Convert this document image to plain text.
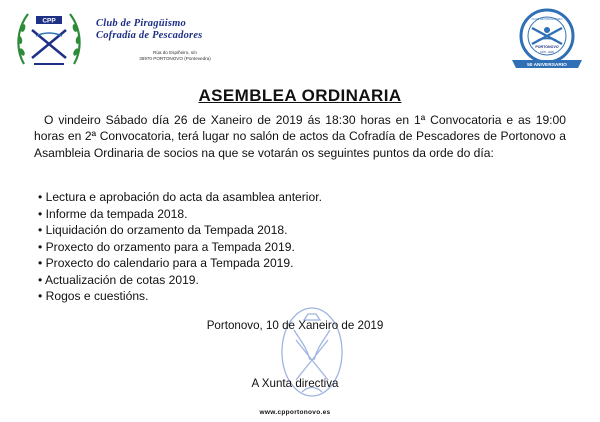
CPP	Club de Piragüismo
Cofradía de Pescadores
Rúa do Espiñeiro, s/n
36970 PORTONOVO (Pontevedra)
CLUB DE PIRAGÜISMO
PORTONOVO
1970 - 2020
50 ANIVERSARIO
ASEMBLEA ORDINARIA

O vindeiro Sábado día 26 de Xaneiro de 2019 ás 18:30 horas en 1ª Convocatoria e as 19:00 horas en 2ª Convocatoria, terá lugar no salón de actos da Cofradía de Pescadores de Portonovo a Asambleia Ordinaria de socios na que se votarán os seguintes puntos da orde do día:

• Lectura e aprobación do acta da asamblea anterior.
• Informe da tempada 2018.
• Liquidación do orzamento da Tempada 2018.
• Proxecto do orzamento para a Tempada 2019.
• Proxecto do calendario para a Tempada 2019.
• Actualización de cotas 2019.
• Rogos e cuestións.
Portonovo, 10 de Xaneiro de 2019
A Xunta directiva
www.cpportonovo.es
